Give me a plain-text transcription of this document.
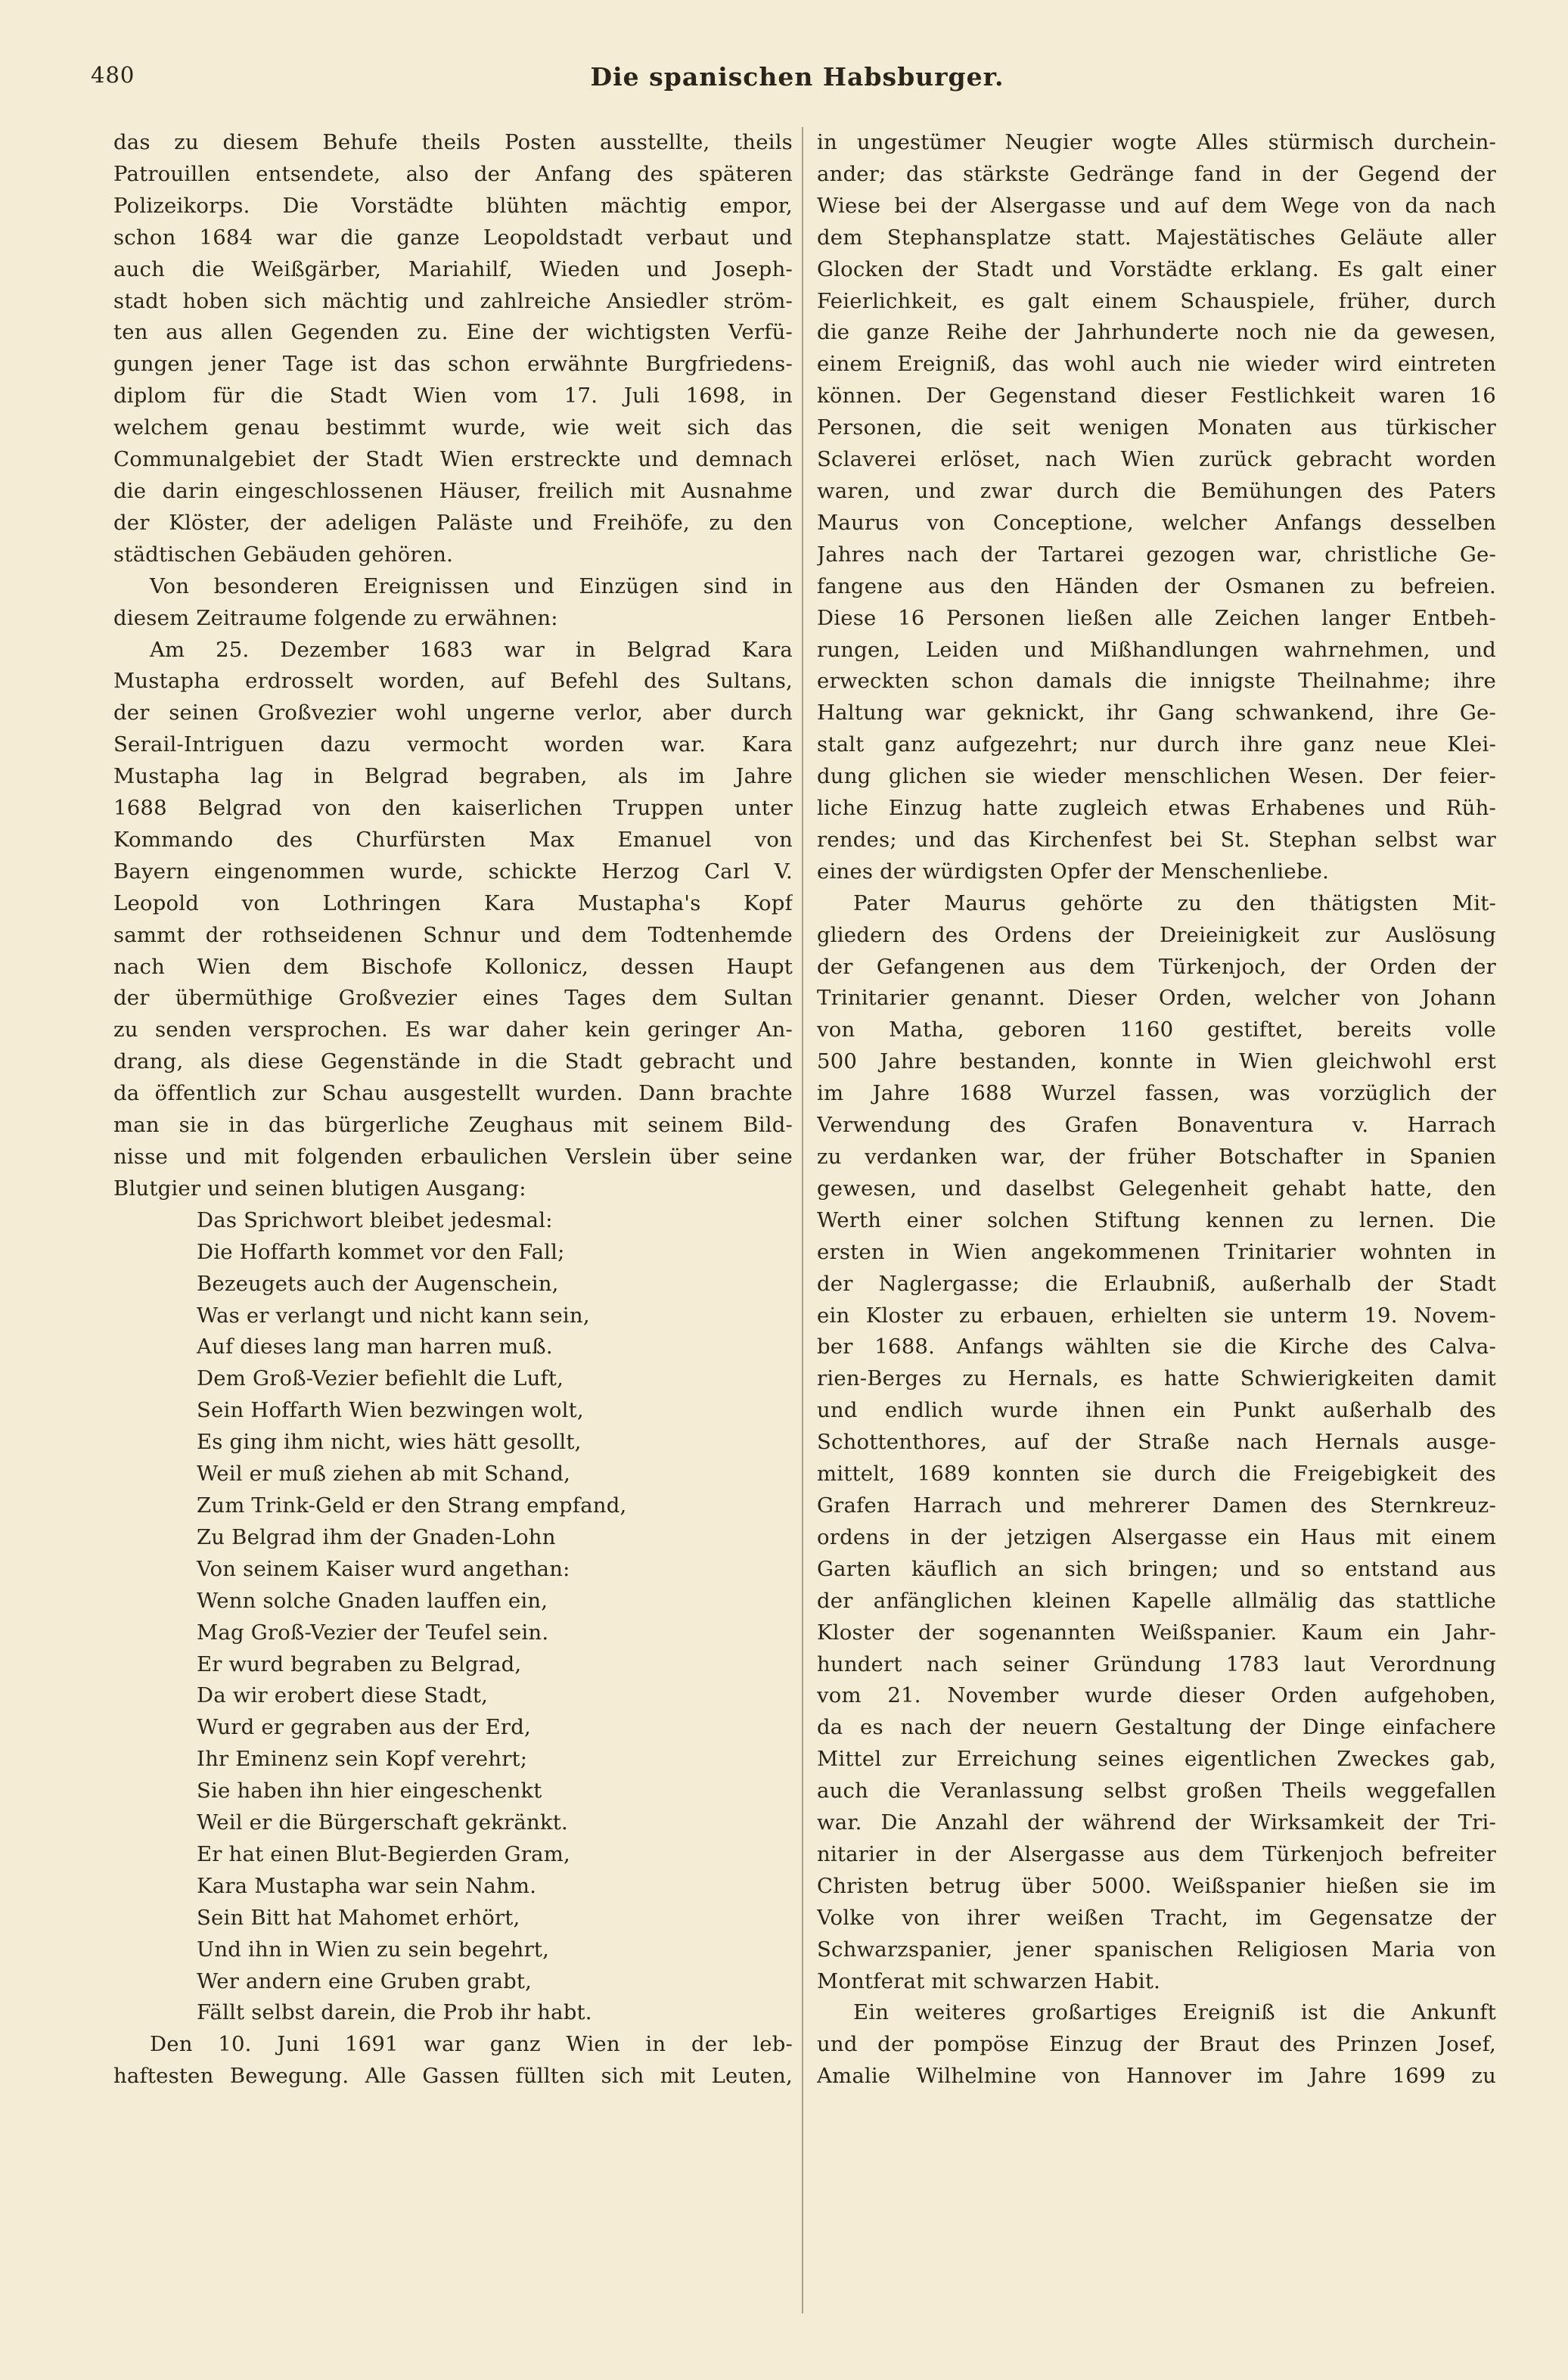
480	Die spanischen Habsburger.
das zu diesem Behufe theils Posten ausstellte, theils
Patrouillen entsendete, also der Anfang des späteren
Polizeikorps. Die Vorstädte blühten mächtig empor,
schon 1684 war die ganze Leopoldstadt verbaut und
auch die Weißgärber, Mariahilf, Wieden und Joseph-
stadt hoben sich mächtig und zahlreiche Ansiedler ström-
ten aus allen Gegenden zu. Eine der wichtigsten Verfü-
gungen jener Tage ist das schon erwähnte Burgfriedens-
diplom für die Stadt Wien vom 17. Juli 1698, in
welchem genau bestimmt wurde, wie weit sich das
Communalgebiet der Stadt Wien erstreckte und demnach
die darin eingeschlossenen Häuser, freilich mit Ausnahme
der Klöster, der adeligen Paläste und Freihöfe, zu den
städtischen Gebäuden gehören.
Von besonderen Ereignissen und Einzügen sind in
diesem Zeitraume folgende zu erwähnen:
Am 25. Dezember 1683 war in Belgrad Kara
Mustapha erdrosselt worden, auf Befehl des Sultans,
der seinen Großvezier wohl ungerne verlor, aber durch
Serail-Intriguen dazu vermocht worden war. Kara
Mustapha lag in Belgrad begraben, als im Jahre
1688 Belgrad von den kaiserlichen Truppen unter
Kommando des Churfürsten Max Emanuel von
Bayern eingenommen wurde, schickte Herzog Carl V.
Leopold von Lothringen Kara Mustapha's Kopf
sammt der rothseidenen Schnur und dem Todtenhemde
nach Wien dem Bischofe Kollonicz, dessen Haupt
der übermüthige Großvezier eines Tages dem Sultan
zu senden versprochen. Es war daher kein geringer An-
drang, als diese Gegenstände in die Stadt gebracht und
da öffentlich zur Schau ausgestellt wurden. Dann brachte
man sie in das bürgerliche Zeughaus mit seinem Bild-
nisse und mit folgenden erbaulichen Verslein über seine
Blutgier und seinen blutigen Ausgang:
Das Sprichwort bleibet jedesmal:
Die Hoffarth kommet vor den Fall;
Bezeugets auch der Augenschein,
Was er verlangt und nicht kann sein,
Auf dieses lang man harren muß.
Dem Groß-Vezier befiehlt die Luft,
Sein Hoffarth Wien bezwingen wolt,
Es ging ihm nicht, wies hätt gesollt,
Weil er muß ziehen ab mit Schand,
Zum Trink-Geld er den Strang empfand,
Zu Belgrad ihm der Gnaden-Lohn
Von seinem Kaiser wurd angethan:
Wenn solche Gnaden lauffen ein,
Mag Groß-Vezier der Teufel sein.
Er wurd begraben zu Belgrad,
Da wir erobert diese Stadt,
Wurd er gegraben aus der Erd,
Ihr Eminenz sein Kopf verehrt;
Sie haben ihn hier eingeschenkt
Weil er die Bürgerschaft gekränkt.
Er hat einen Blut-Begierden Gram,
Kara Mustapha war sein Nahm.
Sein Bitt hat Mahomet erhört,
Und ihn in Wien zu sein begehrt,
Wer andern eine Gruben grabt,
Fällt selbst darein, die Prob ihr habt.
Den 10. Juni 1691 war ganz Wien in der leb-
haftesten Bewegung. Alle Gassen füllten sich mit Leuten,
in ungestümer Neugier wogte Alles stürmisch durchein-
ander; das stärkste Gedränge fand in der Gegend der
Wiese bei der Alsergasse und auf dem Wege von da nach
dem Stephansplatze statt. Majestätisches Geläute aller
Glocken der Stadt und Vorstädte erklang. Es galt einer
Feierlichkeit, es galt einem Schauspiele, früher, durch
die ganze Reihe der Jahrhunderte noch nie da gewesen,
einem Ereigniß, das wohl auch nie wieder wird eintreten
können. Der Gegenstand dieser Festlichkeit waren 16
Personen, die seit wenigen Monaten aus türkischer
Sclaverei erlöset, nach Wien zurück gebracht worden
waren, und zwar durch die Bemühungen des Paters
Maurus von Conceptione, welcher Anfangs desselben
Jahres nach der Tartarei gezogen war, christliche Ge-
fangene aus den Händen der Osmanen zu befreien.
Diese 16 Personen ließen alle Zeichen langer Entbeh-
rungen, Leiden und Mißhandlungen wahrnehmen, und
erweckten schon damals die innigste Theilnahme; ihre
Haltung war geknickt, ihr Gang schwankend, ihre Ge-
stalt ganz aufgezehrt; nur durch ihre ganz neue Klei-
dung glichen sie wieder menschlichen Wesen. Der feier-
liche Einzug hatte zugleich etwas Erhabenes und Rüh-
rendes; und das Kirchenfest bei St. Stephan selbst war
eines der würdigsten Opfer der Menschenliebe.
Pater Maurus gehörte zu den thätigsten Mit-
gliedern des Ordens der Dreieinigkeit zur Auslösung
der Gefangenen aus dem Türkenjoch, der Orden der
Trinitarier genannt. Dieser Orden, welcher von Johann
von Matha, geboren 1160 gestiftet, bereits volle
500 Jahre bestanden, konnte in Wien gleichwohl erst
im Jahre 1688 Wurzel fassen, was vorzüglich der
Verwendung des Grafen Bonaventura v. Harrach
zu verdanken war, der früher Botschafter in Spanien
gewesen, und daselbst Gelegenheit gehabt hatte, den
Werth einer solchen Stiftung kennen zu lernen. Die
ersten in Wien angekommenen Trinitarier wohnten in
der Naglergasse; die Erlaubniß, außerhalb der Stadt
ein Kloster zu erbauen, erhielten sie unterm 19. Novem-
ber 1688. Anfangs wählten sie die Kirche des Calva-
rien-Berges zu Hernals, es hatte Schwierigkeiten damit
und endlich wurde ihnen ein Punkt außerhalb des
Schottenthores, auf der Straße nach Hernals ausge-
mittelt, 1689 konnten sie durch die Freigebigkeit des
Grafen Harrach und mehrerer Damen des Sternkreuz-
ordens in der jetzigen Alsergasse ein Haus mit einem
Garten käuflich an sich bringen; und so entstand aus
der anfänglichen kleinen Kapelle allmälig das stattliche
Kloster der sogenannten Weißspanier. Kaum ein Jahr-
hundert nach seiner Gründung 1783 laut Verordnung
vom 21. November wurde dieser Orden aufgehoben,
da es nach der neuern Gestaltung der Dinge einfachere
Mittel zur Erreichung seines eigentlichen Zweckes gab,
auch die Veranlassung selbst großen Theils weggefallen
war. Die Anzahl der während der Wirksamkeit der Tri-
nitarier in der Alsergasse aus dem Türkenjoch befreiter
Christen betrug über 5000. Weißspanier hießen sie im
Volke von ihrer weißen Tracht, im Gegensatze der
Schwarzspanier, jener spanischen Religiosen Maria von
Montferat mit schwarzen Habit.
Ein weiteres großartiges Ereigniß ist die Ankunft
und der pompöse Einzug der Braut des Prinzen Josef,
Amalie Wilhelmine von Hannover im Jahre 1699 zu
